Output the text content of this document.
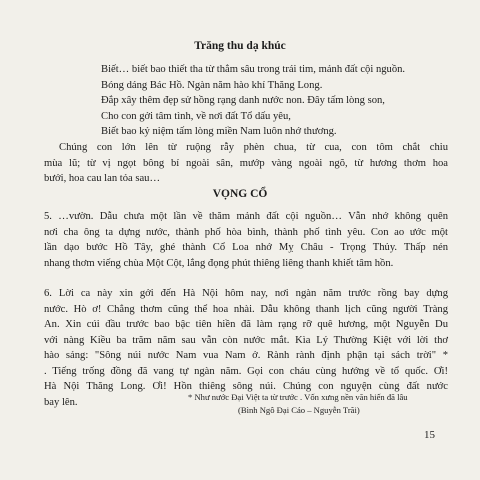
Trăng thu dạ khúc
Biết… biết bao thiết tha từ thẳm sâu trong trái tim, mảnh đất cội nguồn.
Bóng dáng Bác Hồ. Ngàn năm hào khí Thăng Long.
Đắp xây thêm đẹp sử hồng rạng danh nước non. Đây tấm lòng son,
Cho con gởi tâm tình, về nơi đất Tổ dấu yêu,
Biết bao kỷ niệm tấm lòng miền Nam luôn nhớ thương.

Chúng con lớn lên từ ruộng rẫy phèn chua, từ cua, con tôm chắt chiu
mùa lũ; từ vị ngọt bông bí ngoài sân, mướp vàng ngoài ngõ, từ hương thơm hoa
bưởi, hoa cau lan tỏa sau…

VỌNG CỔ

5. …vườn. Dẫu chưa một lần về thăm mảnh đất cội nguồn… Vẫn nhớ không quên
nơi cha ông ta dựng nước, thành phố hòa bình, thành phố tình yêu. Con ao ước một
lần dạo bước Hồ Tây, ghé thành Cổ Loa nhớ Mỵ Châu - Trọng Thủy. Thấp nén
nhang thơm viếng chùa Một Cột, lắng đọng phút thiêng liêng thanh khiết tâm hồn.

6. Lời ca này xin gởi đến Hà Nội hôm nay, nơi ngàn năm trước rồng bay dựng
nước. Hò ơ! Chẳng thơm cũng thể hoa nhài. Dẫu không thanh lịch cũng người Tràng
An. Xin cúi đầu trước bao bậc tiên hiền đã làm rạng rỡ quê hương, một Nguyễn Du
với nàng Kiều ba trăm năm sau vẫn còn nước mắt. Kìa Lý Thường Kiệt với lời thơ
hào sảng: "Sông núi nước Nam vua Nam ở. Rành rành định phận tại sách trời" *
. Tiếng trống đồng đã vang tự ngàn năm. Gọi con cháu cùng hướng về tổ quốc. Ơi!
Hà Nội Thăng Long. Ơi! Hồn thiêng sông núi. Chúng con nguyện cùng đất nước
bay lên.	* Như nước Đại Việt ta từ trước . Vốn xưng nền văn hiến đã lâu
(Bình Ngô Đại Cáo – Nguyễn Trãi)
15
